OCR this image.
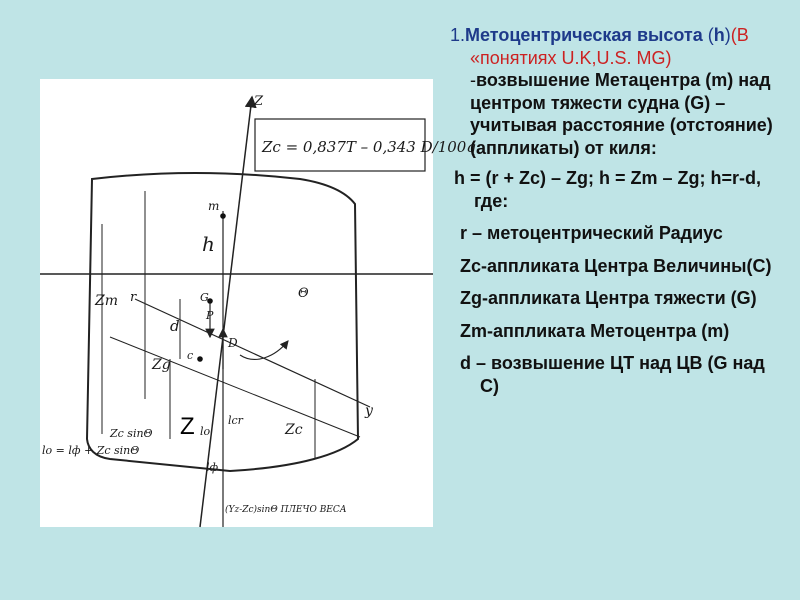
Zc = 0,837T – 0,343 D/100q
Z
y
m
G
c
D
P
h
Θ
r
d
Zm
Zg
Zc
lcr
lo
lф
Zc sinΘ
lo = lф + Zc sinΘ
(Yz-Zc)sinΘ ПЛЕЧО ВЕСА
Z

1.Метоцентрическая высота (h)(В «понятиях U.K,U.S. MG) -возвышение Метацентра (m) над центром тяжести судна (G) – учитывая расстояние (отстояние) (аппликаты) от киля:

h = (r + Zc) – Zg; h = Zm – Zg; h=r-d, где:

r – метоцентрический Радиус

Zc-аппликата Центра Величины(C)

Zg-аппликата Центра тяжести (G)

Zm-аппликата Метоцентра (m)

d – возвышение ЦТ над ЦВ (G над C)
